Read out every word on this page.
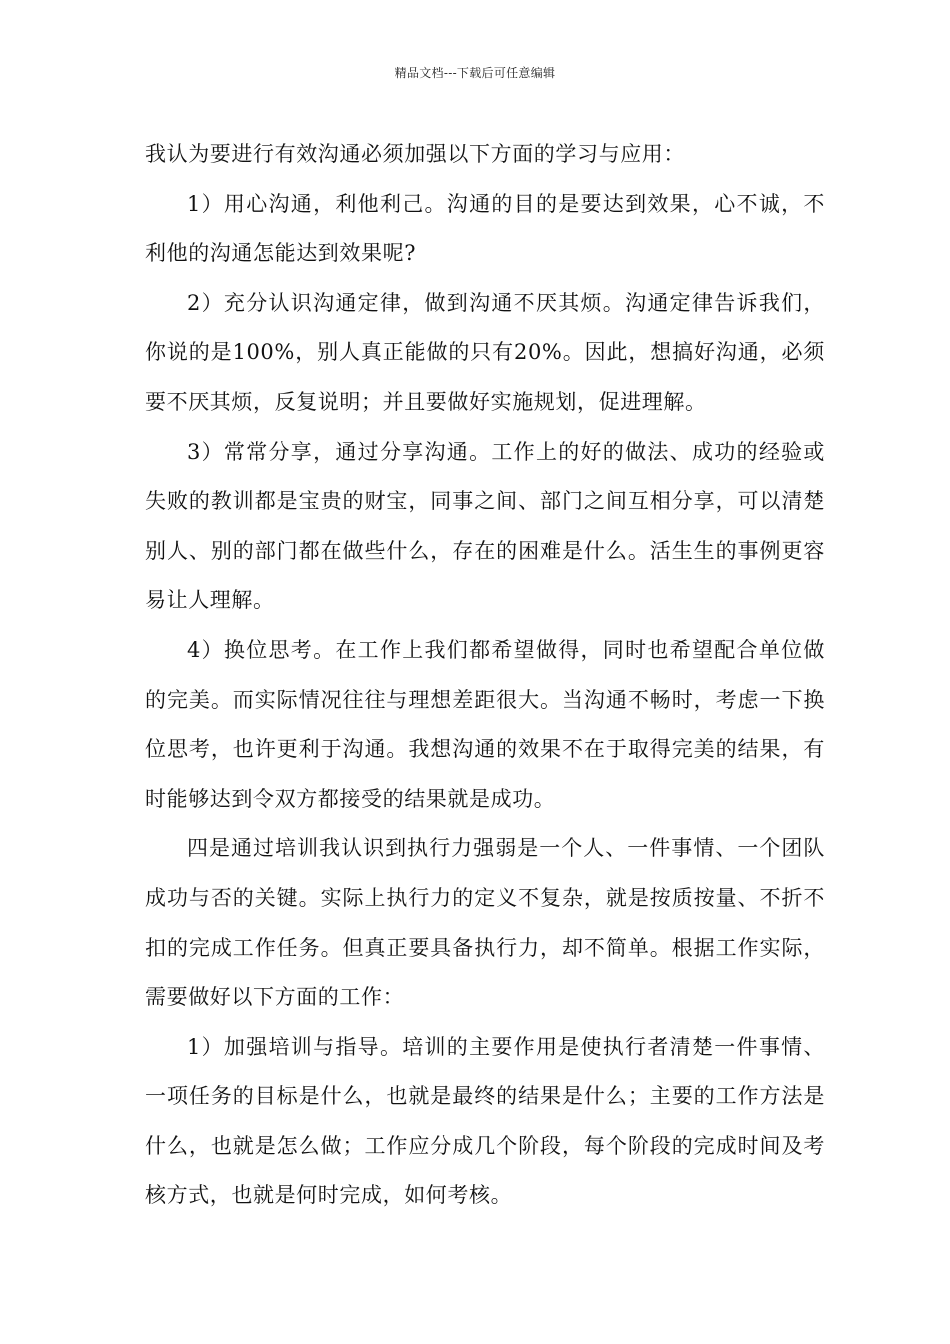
精品文档---下载后可任意编辑

我认为要进行有效沟通必须加强以下方面的学习与应用：

1）用心沟通，利他利己。沟通的目的是要达到效果，心不诚，不利他的沟通怎能达到效果呢?

2）充分认识沟通定律，做到沟通不厌其烦。沟通定律告诉我们，你说的是100%，别人真正能做的只有20%。因此，想搞好沟通，必须要不厌其烦，反复说明；并且要做好实施规划，促进理解。

3）常常分享，通过分享沟通。工作上的好的做法、成功的经验或失败的教训都是宝贵的财宝，同事之间、部门之间互相分享，可以清楚别人、别的部门都在做些什么，存在的困难是什么。活生生的事例更容易让人理解。

4）换位思考。在工作上我们都希望做得，同时也希望配合单位做的完美。而实际情况往往与理想差距很大。当沟通不畅时，考虑一下换位思考，也许更利于沟通。我想沟通的效果不在于取得完美的结果，有时能够达到令双方都接受的结果就是成功。

四是通过培训我认识到执行力强弱是一个人、一件事情、一个团队成功与否的关键。实际上执行力的定义不复杂，就是按质按量、不折不扣的完成工作任务。但真正要具备执行力，却不简单。根据工作实际，需要做好以下方面的工作：

1）加强培训与指导。培训的主要作用是使执行者清楚一件事情、一项任务的目标是什么，也就是最终的结果是什么；主要的工作方法是什么，也就是怎么做；工作应分成几个阶段，每个阶段的完成时间及考核方式，也就是何时完成，如何考核。
